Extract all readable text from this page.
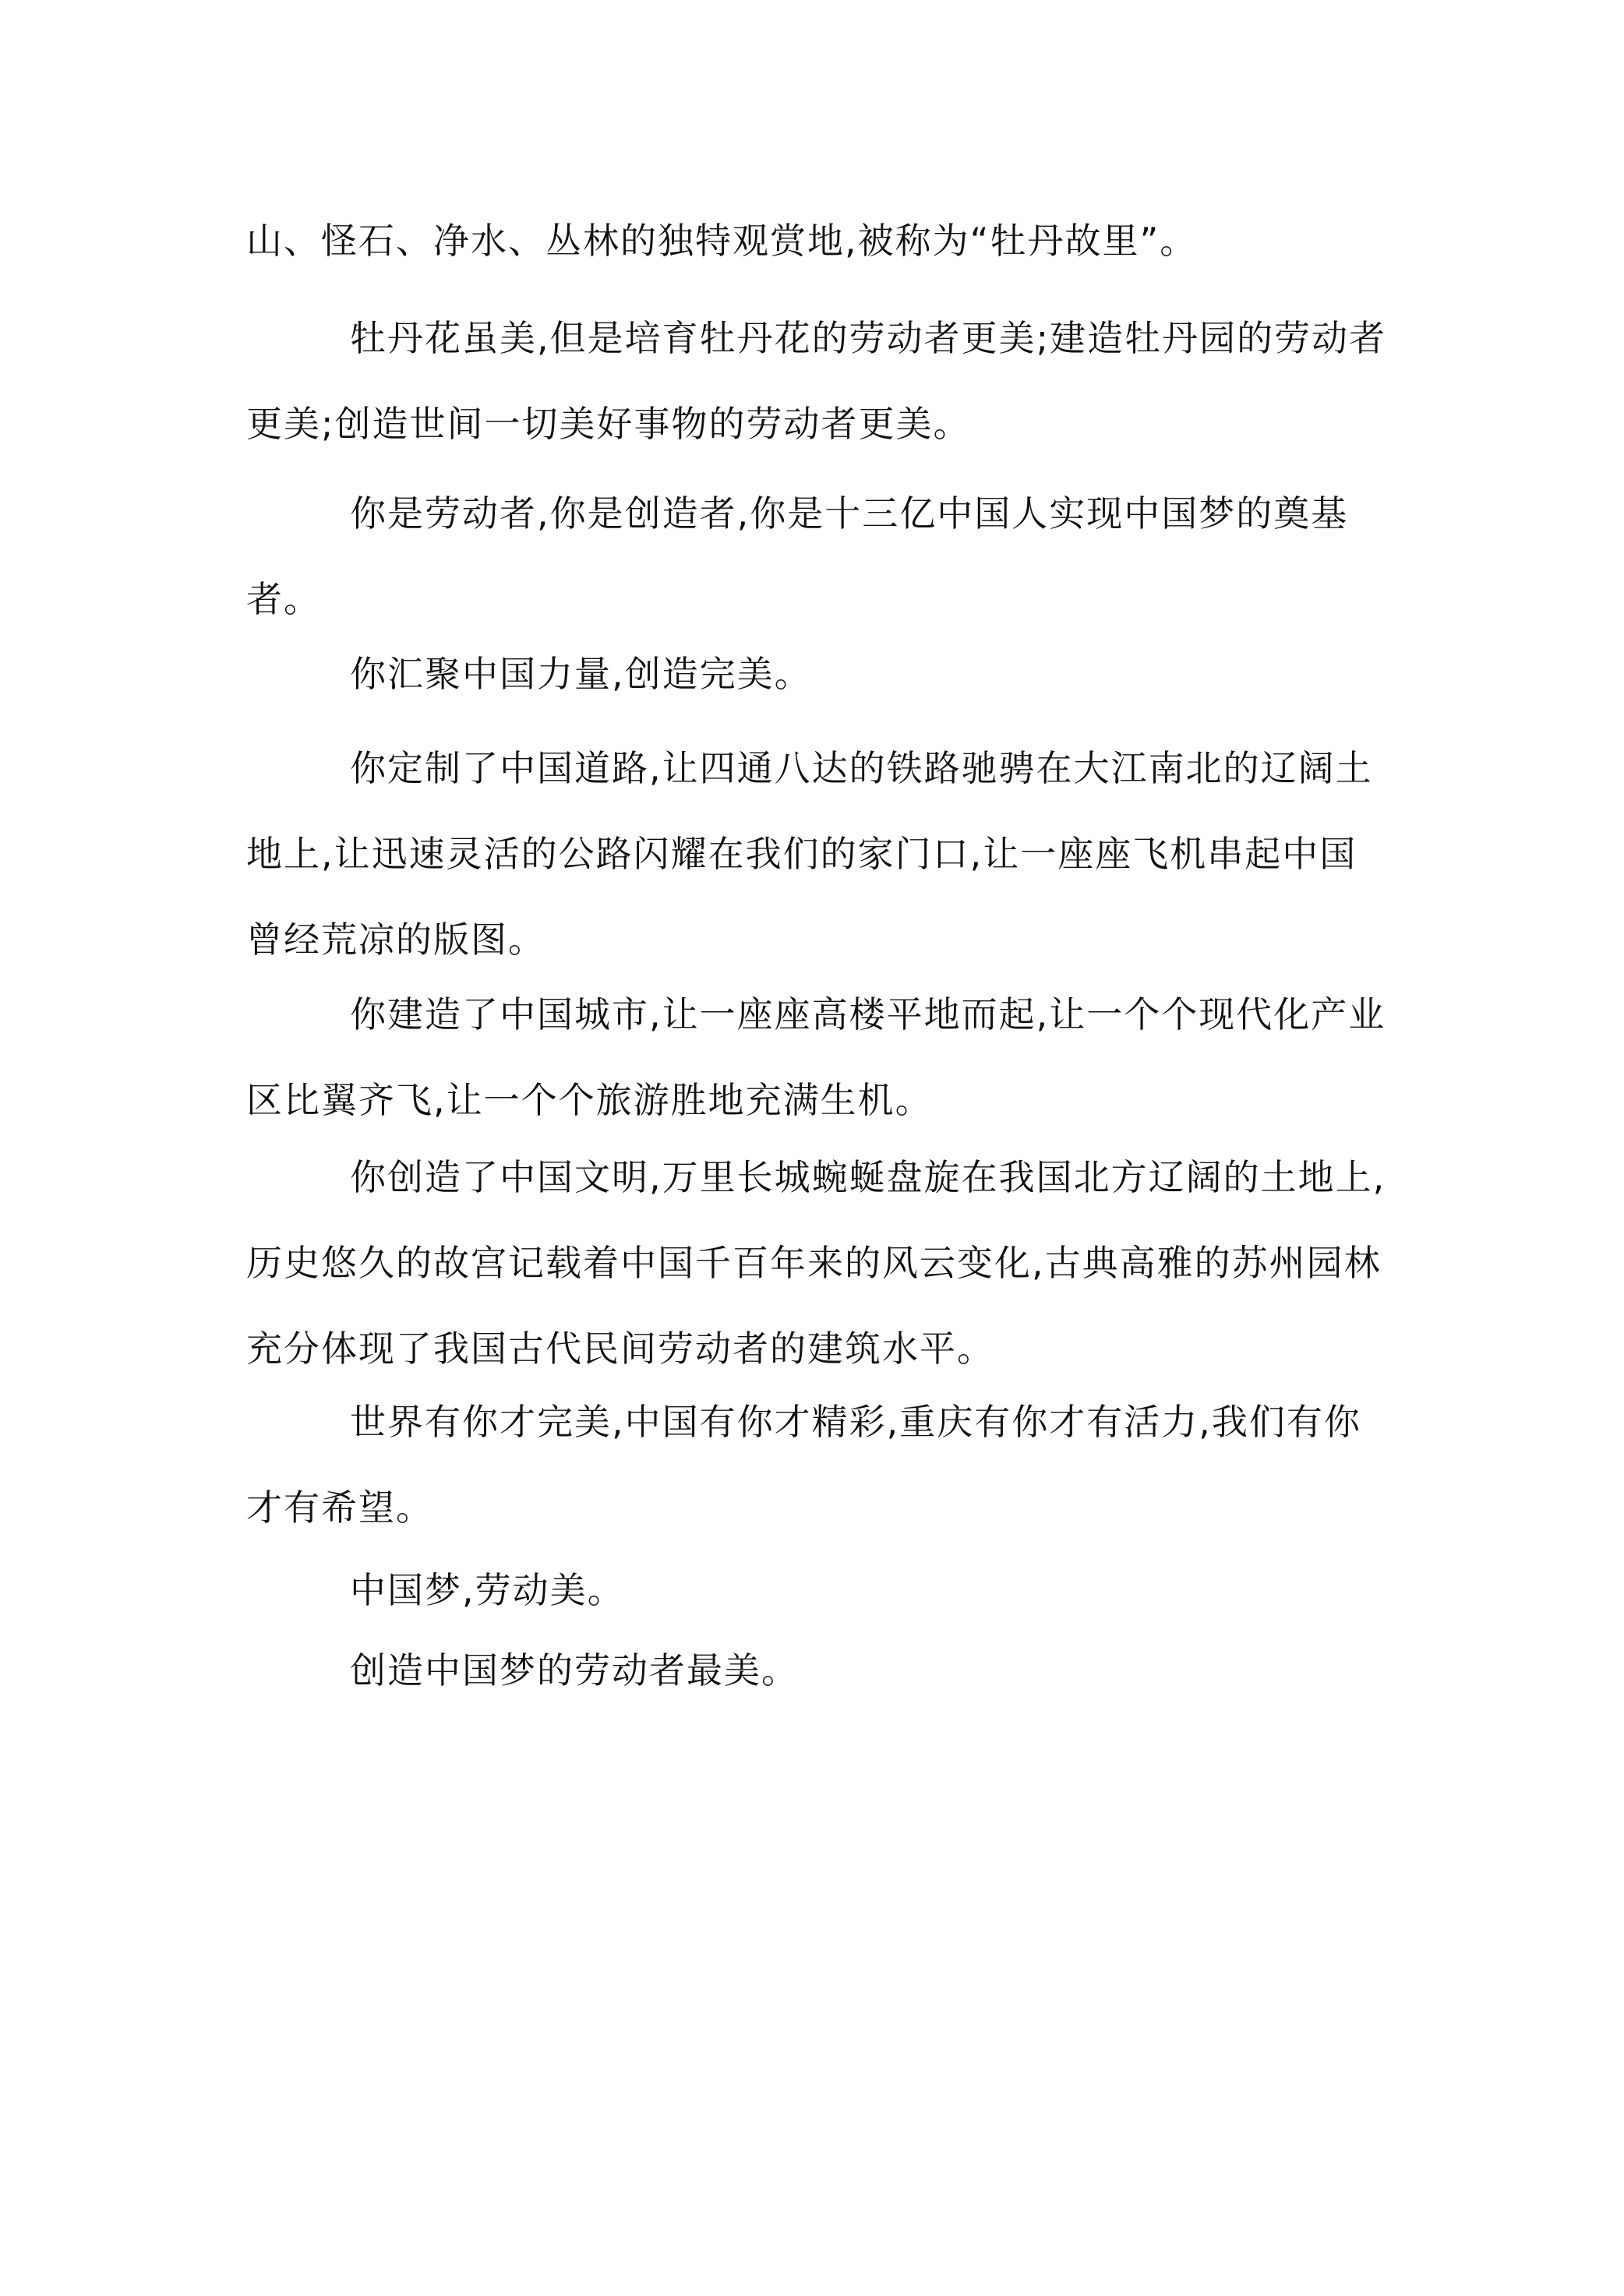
山、怪石、净水、丛林的独特观赏地,被称为“牡丹故里”。

牡丹花虽美,但是培育牡丹花的劳动者更美;建造牡丹园的劳动者更美;创造世间一切美好事物的劳动者更美。

你是劳动者,你是创造者,你是十三亿中国人实现中国梦的奠基者。

你汇聚中国力量,创造完美。

你定制了中国道路,让四通八达的铁路驰骋在大江南北的辽阔土地上,让迅速灵活的公路闪耀在我们的家门口,让一座座飞机串起中国曾经荒凉的版图。

你建造了中国城市,让一座座高楼平地而起,让一个个现代化产业区比翼齐飞,让一个个旅游胜地充满生机。

你创造了中国文明,万里长城蜿蜒盘旋在我国北方辽阔的土地上,历史悠久的故宫记载着中国千百年来的风云变化,古典高雅的苏州园林充分体现了我国古代民间劳动者的建筑水平。

世界有你才完美,中国有你才精彩,重庆有你才有活力,我们有你才有希望。

中国梦,劳动美。

创造中国梦的劳动者最美。
